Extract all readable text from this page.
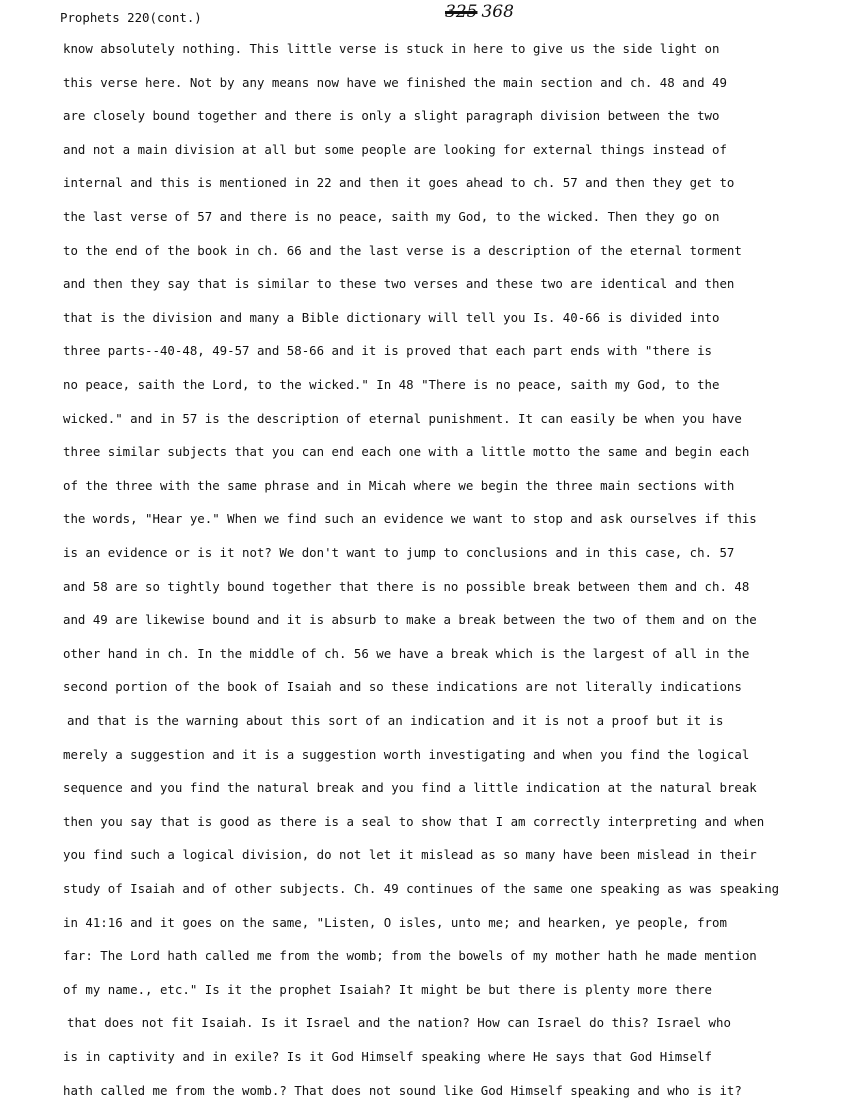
Prophets 220(cont.)	325 368
know absolutely nothing. This little verse is stuck in here to give us the side light on
this verse here. Not by any means now have we finished the main section and ch. 48 and 49
are closely bound together and there is only a slight paragraph division between the two
and not a main division at all but some people are looking for external things instead of
internal and this is mentioned in 22 and then it goes ahead to ch. 57 and then they get to
the last verse of 57 and there is no peace, saith my God, to the wicked. Then they go on
to the end of the book in ch. 66 and the last verse is a description of the eternal torment
and then they say that is similar to these two verses and these two are identical and then
that is the division and many a Bible dictionary will tell you Is. 40-66 is divided into
three parts--40-48, 49-57 and 58-66 and it is proved that each part ends with "there is
no peace, saith the Lord, to the wicked." In 48 "There is no peace, saith my God, to the
wicked." and in 57 is the description of eternal punishment. It can easily be when you have
three similar subjects that you can end each one with a little motto the same and begin each
of the three with the same phrase and in Micah where we begin the three main sections with
the words, "Hear ye." When we find such an evidence we want to stop and ask ourselves if this
is an evidence or is it not? We don't want to jump to conclusions and in this case, ch. 57
and 58 are so tightly bound together that there is no possible break between them and ch. 48
and 49 are likewise bound and it is absurb to make a break between the two of them and on the
other hand in ch. In the middle of ch. 56 we have a break which is the largest of all in the
second portion of the book of Isaiah and so these indications are not literally indications
and that is the warning about this sort of an indication and it is not a proof but it is
merely a suggestion and it is a suggestion worth investigating and when you find the logical
sequence and you find the natural break and you find a little indication at the natural break
then you say that is good as there is a seal to show that I am correctly interpreting and when
you find such a logical division, do not let it mislead as so many have been mislead in their
study of Isaiah and of other subjects. Ch. 49 continues of the same one speaking as was speaking
in 41:16 and it goes on the same, "Listen, O isles, unto me; and hearken, ye people, from
far: The Lord hath called me from the womb; from the bowels of my mother hath he made mention
of my name., etc." Is it the prophet Isaiah? It might be but there is plenty more there
that does not fit Isaiah. Is it Israel and the nation? How can Israel do this? Israel who
is in captivity and in exile? Is it God Himself speaking where He says that God Himself
hath called me from the womb.? That does not sound like God Himself speaking and who is it?
